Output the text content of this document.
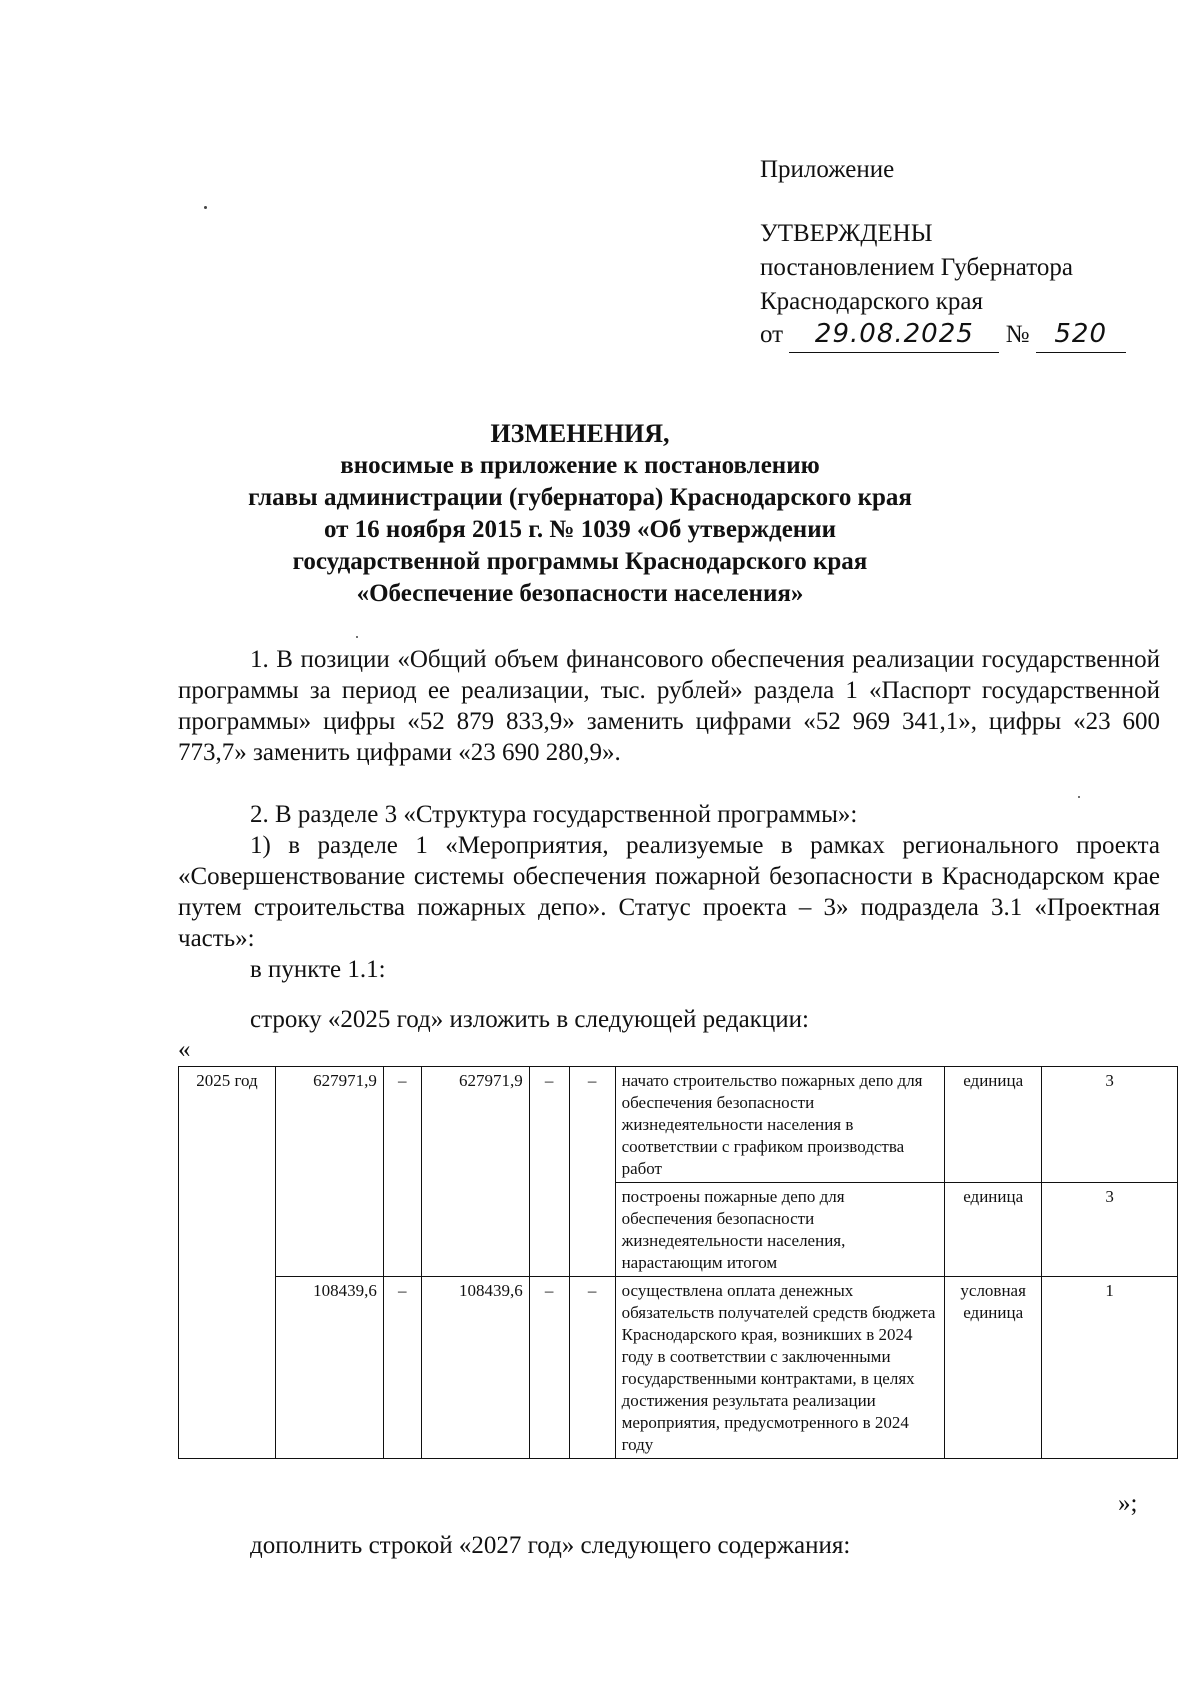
Приложение
УТВЕРЖДЕНЫ
постановлением Губернатора
Краснодарского края
от 29.08.2025 № 520
ИЗМЕНЕНИЯ,
вносимые в приложение к постановлению
главы администрации (губернатора) Краснодарского края
от 16 ноября 2015 г. № 1039 «Об утверждении
государственной программы Краснодарского края
«Обеспечение безопасности населения»
1. В позиции «Общий объем финансового обеспечения реализации государственной программы за период ее реализации, тыс. рублей» раздела 1 «Паспорт государственной программы» цифры «52 879 833,9» заменить цифрами «52 969 341,1», цифры «23 600 773,7» заменить цифрами «23 690 280,9».
2. В разделе 3 «Структура государственной программы»:
1) в разделе 1 «Мероприятия, реализуемые в рамках регионального проекта «Совершенствование системы обеспечения пожарной безопасности в Краснодарском крае путем строительства пожарных депо». Статус проекта – 3» подраздела 3.1 «Проектная часть»:
в пункте 1.1:
строку «2025 год» изложить в следующей редакции:
«
2025 год	627971,9	–	627971,9	–	–	начато строительство пожарных депо для обеспечения безопасности жизнедеятельности населения в соответствии с графиком производства работ	единица	3
						построены пожарные депо для обеспечения безопасности жизнедеятельности населения, нарастающим итогом	единица	3
	108439,6	–	108439,6	–	–	осуществлена оплата денежных обязательств получателей средств бюджета Краснодарского края, возникших в 2024 году в соответствии с заключенными государственными контрактами, в целях достижения результата реализации мероприятия, предусмотренного в 2024 году	условная единица	1
»;
дополнить строкой «2027 год» следующего содержания:
